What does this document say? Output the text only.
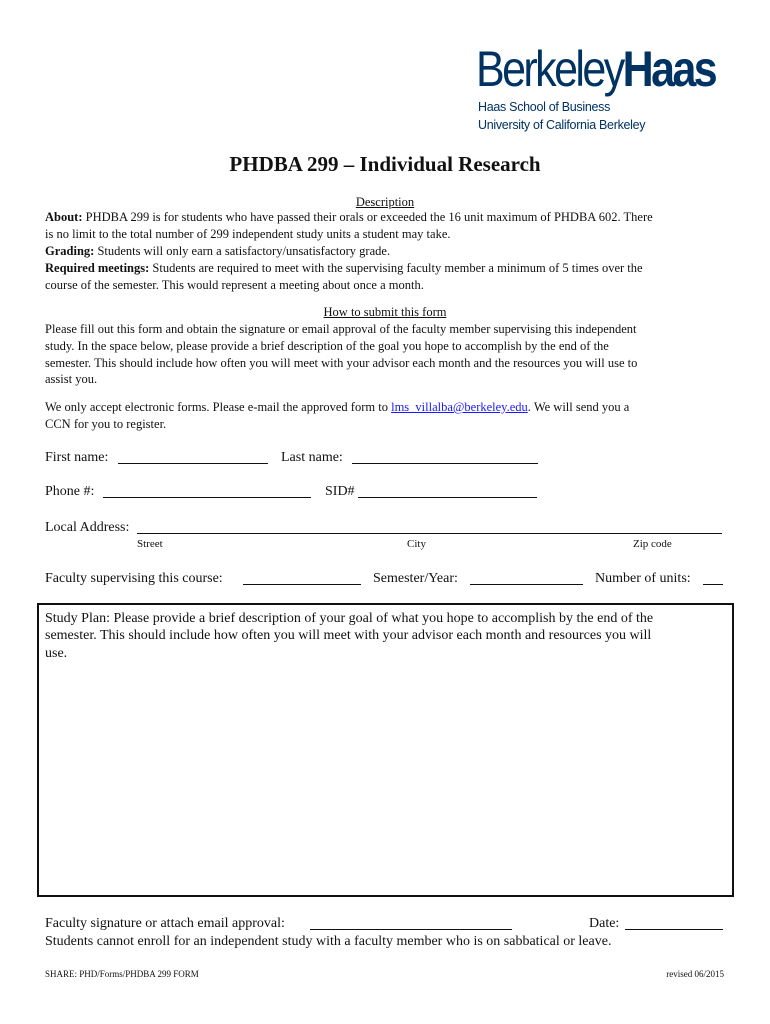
BerkeleyHaas
Haas School of Business
University of California Berkeley
PHDBA 299 – Individual Research
Description
About: PHDBA 299 is for students who have passed their orals or exceeded the 16 unit maximum of PHDBA 602. There
is no limit to the total number of 299 independent study units a student may take.
Grading: Students will only earn a satisfactory/unsatisfactory grade.
Required meetings: Students are required to meet with the supervising faculty member a minimum of 5 times over the
course of the semester. This would represent a meeting about once a month.
How to submit this form
Please fill out this form and obtain the signature or email approval of the faculty member supervising this independent
study. In the space below, please provide a brief description of the goal you hope to accomplish by the end of the
semester. This should include how often you will meet with your advisor each month and the resources you will use to
assist you.
We only accept electronic forms. Please e-mail the approved form to lms_villalba@berkeley.edu. We will send you a
CCN for you to register.
First name:	Last name:
Phone #:	SID#
Local Address:
Street	City	Zip code
Faculty supervising this course:	Semester/Year:	Number of units:
Study Plan: Please provide a brief description of your goal of what you hope to accomplish by the end of the
semester. This should include how often you will meet with your advisor each month and resources you will
use.
Faculty signature or attach email approval:	Date:
Students cannot enroll for an independent study with a faculty member who is on sabbatical or leave.
SHARE: PHD/Forms/PHDBA 299 FORM	revised 06/2015
